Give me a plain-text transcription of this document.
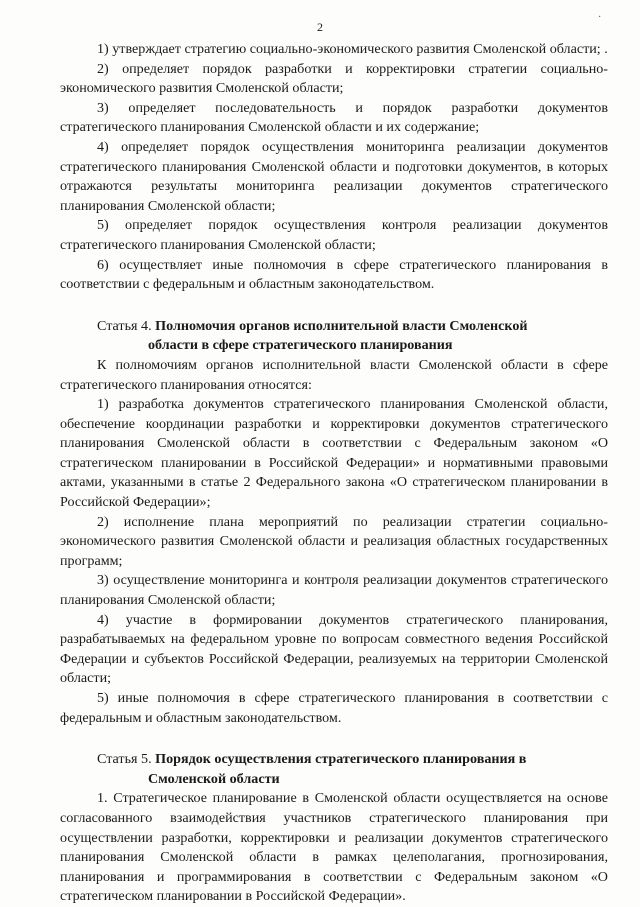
2
·

1) утверждает стратегию социально-экономического развития Смоленской области; .

2) определяет порядок разработки и корректировки стратегии социально-экономического развития Смоленской области;

3) определяет последовательность и порядок разработки документов стратегического планирования Смоленской области и их содержание;

4) определяет порядок осуществления мониторинга реализации документов стратегического планирования Смоленской области и подготовки документов, в которых отражаются результаты мониторинга реализации документов стратегического планирования Смоленской области;

5) определяет порядок осуществления контроля реализации документов стратегического планирования Смоленской области;

6) осуществляет иные полномочия в сфере стратегического планирования в соответствии с федеральным и областным законодательством.

Статья 4. Полномочия органов исполнительной власти Смоленской
области в сфере стратегического планирования

К полномочиям органов исполнительной власти Смоленской области в сфере стратегического планирования относятся:

1) разработка документов стратегического планирования Смоленской области, обеспечение координации разработки и корректировки документов стратегического планирования Смоленской области в соответствии с Федеральным законом «О стратегическом планировании в Российской Федерации» и нормативными правовыми актами, указанными в статье 2 Федерального закона «О стратегическом планировании в Российской Федерации»;

2) исполнение плана мероприятий по реализации стратегии социально-экономического развития Смоленской области и реализация областных государственных программ;

3) осуществление мониторинга и контроля реализации документов стратегического планирования Смоленской области;

4) участие в формировании документов стратегического планирования, разрабатываемых на федеральном уровне по вопросам совместного ведения Российской Федерации и субъектов Российской Федерации, реализуемых на территории Смоленской области;

5) иные полномочия в сфере стратегического планирования в соответствии с федеральным и областным законодательством.

Статья 5. Порядок осуществления стратегического планирования в
Смоленской области

1. Стратегическое планирование в Смоленской области осуществляется на основе согласованного взаимодействия участников стратегического планирования при осуществлении разработки, корректировки и реализации документов стратегического планирования Смоленской области в рамках целеполагания, прогнозирования, планирования и программирования в соответствии с Федеральным законом «О стратегическом планировании в Российской Федерации».
